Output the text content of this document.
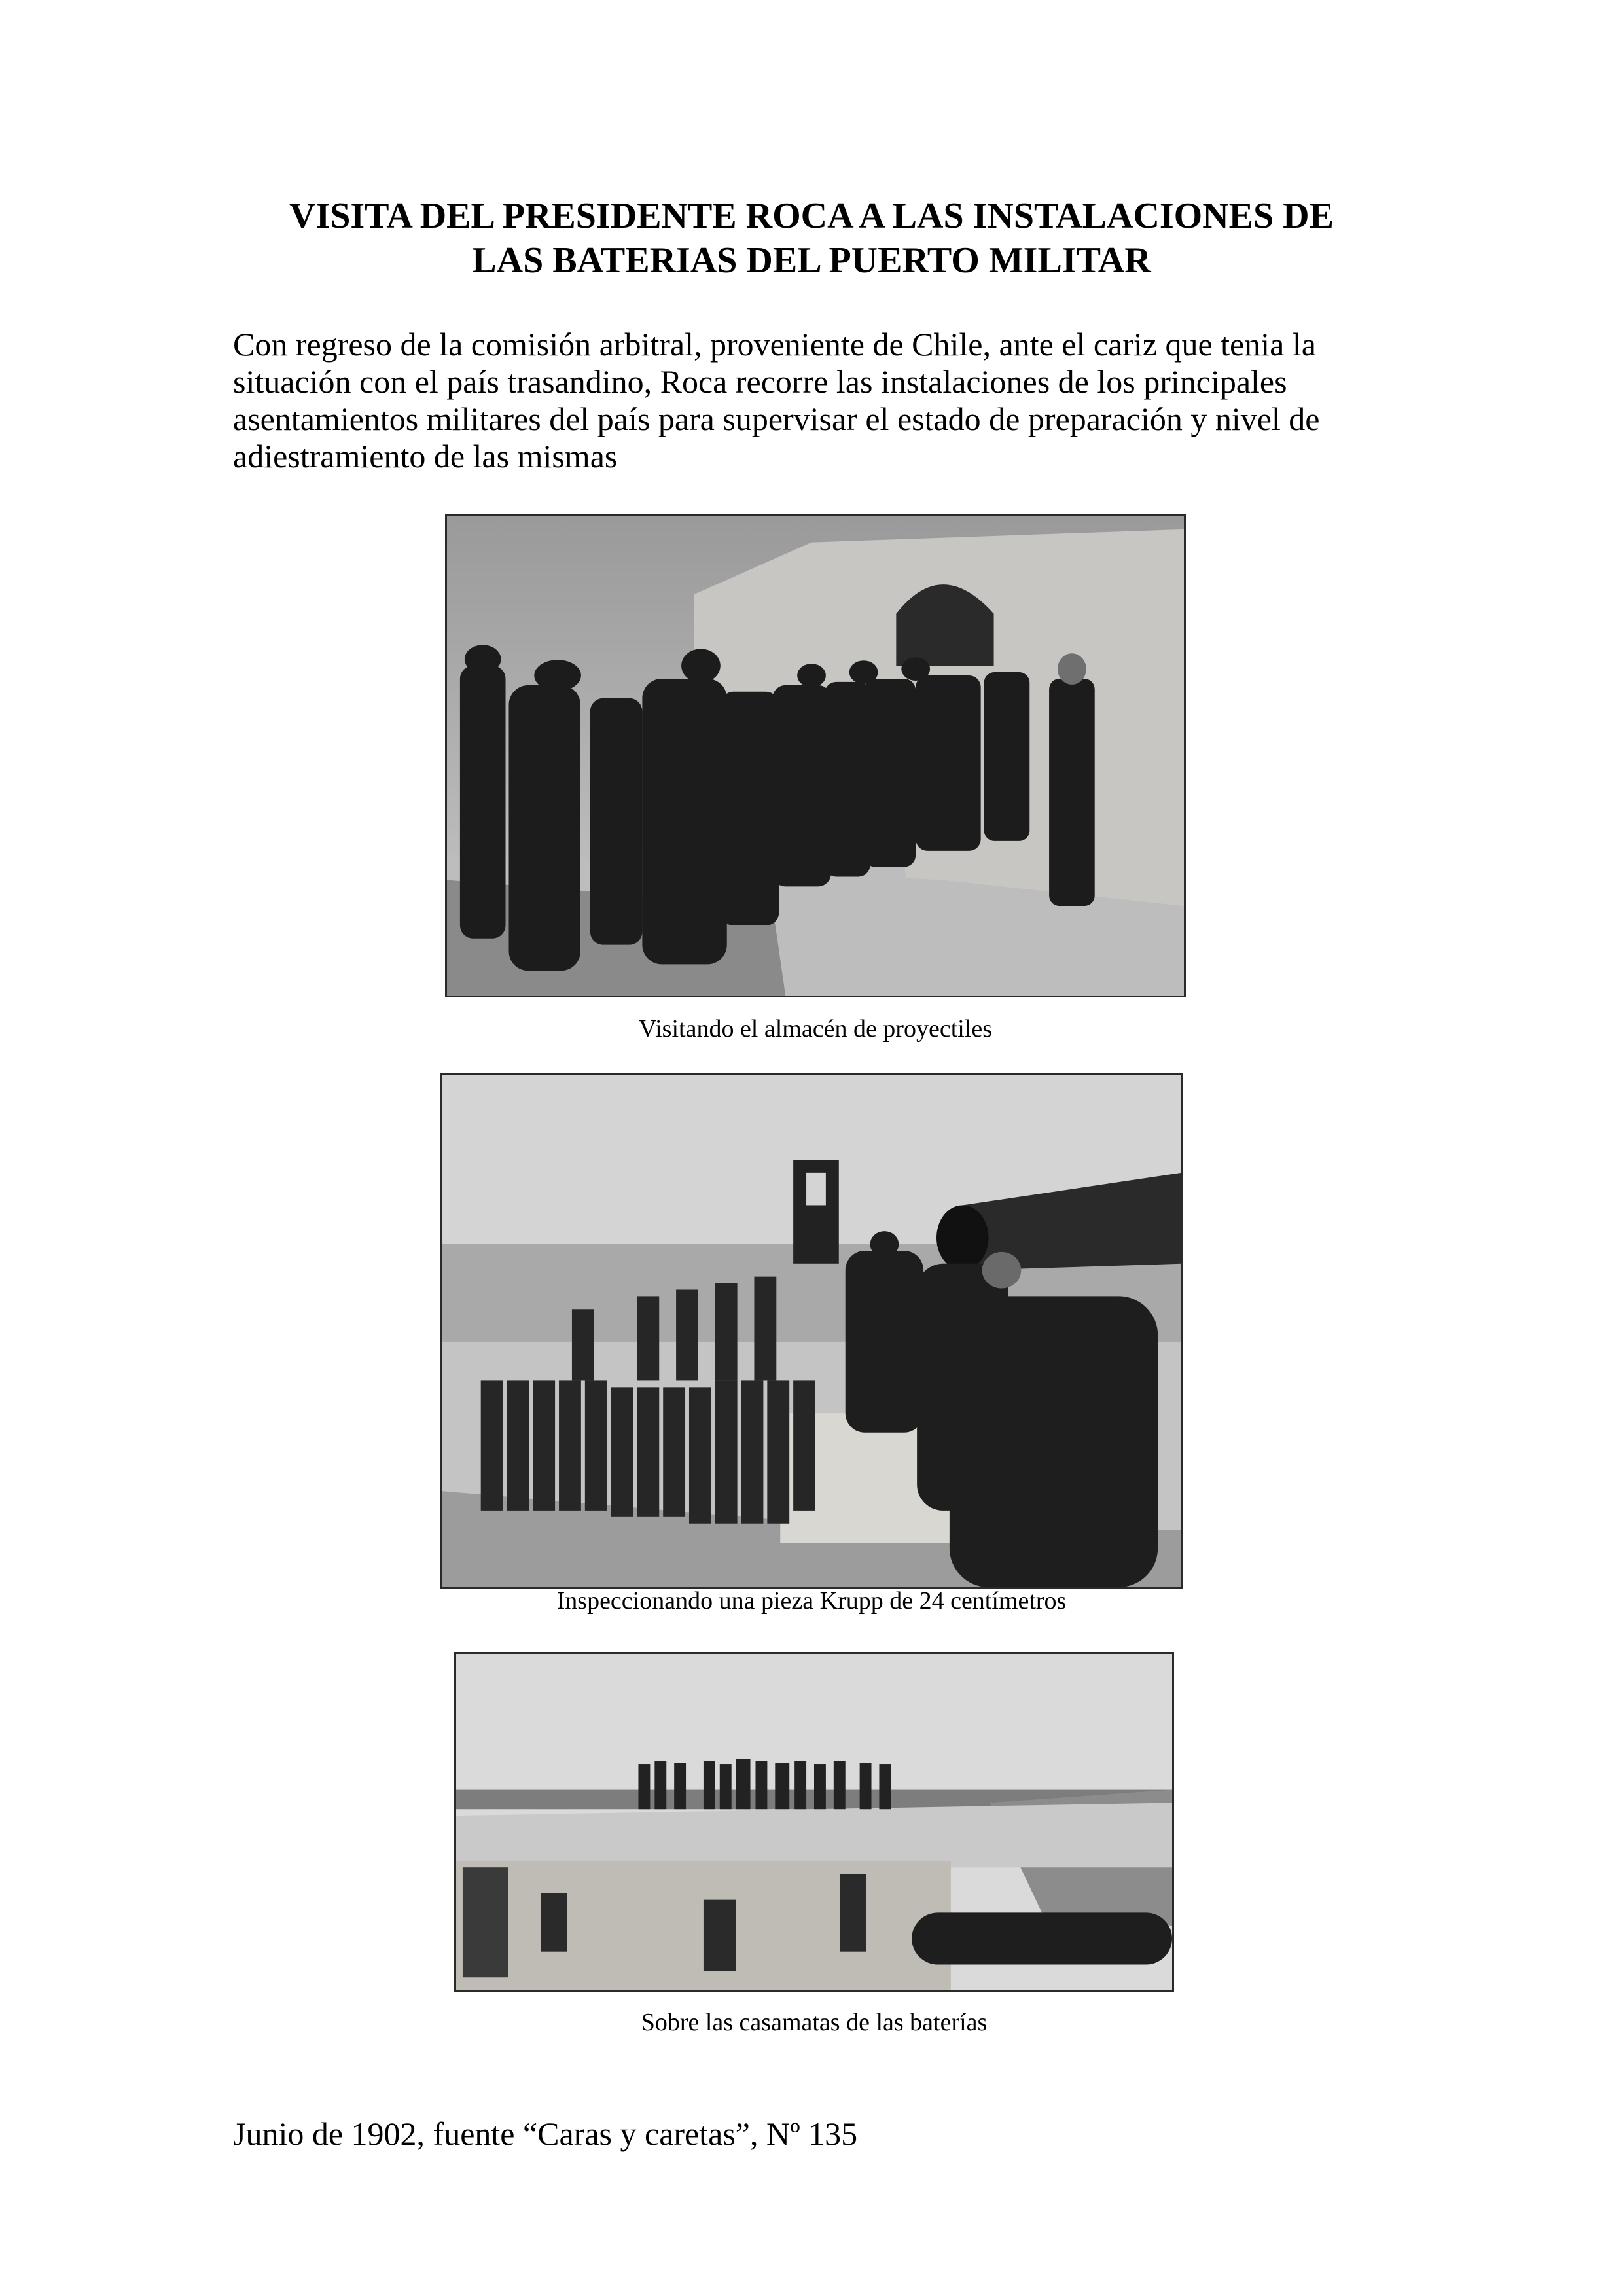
VISITA DEL PRESIDENTE ROCA A LAS INSTALACIONES DE
LAS BATERIAS DEL PUERTO MILITAR

Con regreso de la comisión arbitral, proveniente de Chile, ante el cariz que tenia la situación con el país trasandino, Roca recorre las instalaciones de los principales asentamientos militares del país para supervisar el estado de preparación y nivel de adiestramiento de las mismas

Visitando el almacén de proyectiles
Inspeccionando una pieza Krupp de 24 centímetros
Sobre las casamatas de las baterías
Junio de 1902, fuente “Caras y caretas”, Nº 135
